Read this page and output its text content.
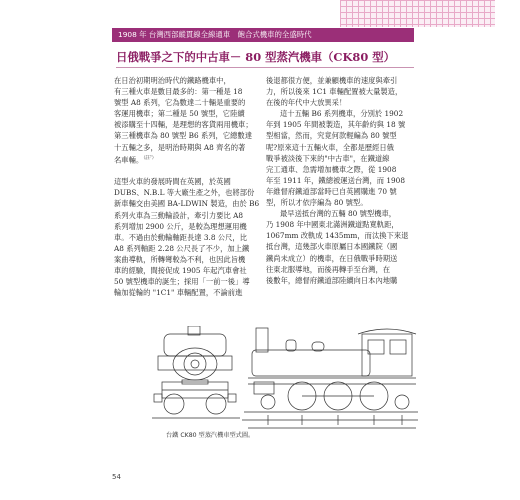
1908 年 台灣西部縱貫線全線通車　飽合式機車的全盛時代
日俄戰爭之下的中古車－ 80 型蒸汽機車（CK80 型）

在日治初期明治時代的鐵路機車中，

有三種火車是數目最多的：第一種是 18

號型 A8 系列，它為數達二十輛是重要的

客運用機車；第二種是 50 號型，它陸續

被添購至十四輛，是理想的客貨兩用機車；

第三種機車為 80 號型 B6 系列，它總數達

十五輛之多，是明治時期與 A8 齊名的著

名車輛。$^{(註^7)}$

這型火車的發展時間在英國，於英國

DUBS、N.B.L 等大廠生產之外，也將部份

新車輛交由美國 BA-LDWIN 製造，由於 B6

系列火車為三動輪設計，牽引力要比 A8

系列增加 2900 公斤，是較為理想運用機

車。不過由於動輪軸距長達 3.8 公尺，比

A8 系列軸距 2.28 公尺長了不少，加上鐵

案曲導軌，所轉彎較為不利，也因此旨機

車的經驗，間接促成 1905 年起汽車會社

50 號型機車的誕生；採用「一前一後」導

輪加從輪的 "1C1" 車輛配置，不論前進

後退都很方便，並兼顧機車的速度與牽引

力，所以後來 1C1 車輛配置被大量製造，

在後的年代中大放異采！

這十五輛 B6 系列機車，分別於 1902

年到 1905 年間被製造，其年齡約與 18 號

型相當，然而，究竟何款輕編為 80 號型

呢?原來這十五輛火車，全都是歷經日俄

戰爭被淡後下來的"中古車"，在鐵道線

完工通車、急需增加機車之際，從 1908

年至 1911 年，鐵總被運送台灣，而 1908

年維督府鐵道部當時已自英國購進 70 號

型，所以才依序編為 80 號型。

最早送抵台灣的五輛 80 號型機車，

乃 1908 年中國東北滿洲鐵道點寬軌距，

1067mm 改軌成 1435mm，而汰換下來退

抵台灣，這幾部火車原屬日本國鐵院（國

鐵尚未成立）的機車，在日俄戰爭時期送

往東北服導地，而後再轉手至台灣，在

後數年，總督府鐵道部陸續向日本內地購

台鐵 CK80 型蒸汽機車型式圖。
54
